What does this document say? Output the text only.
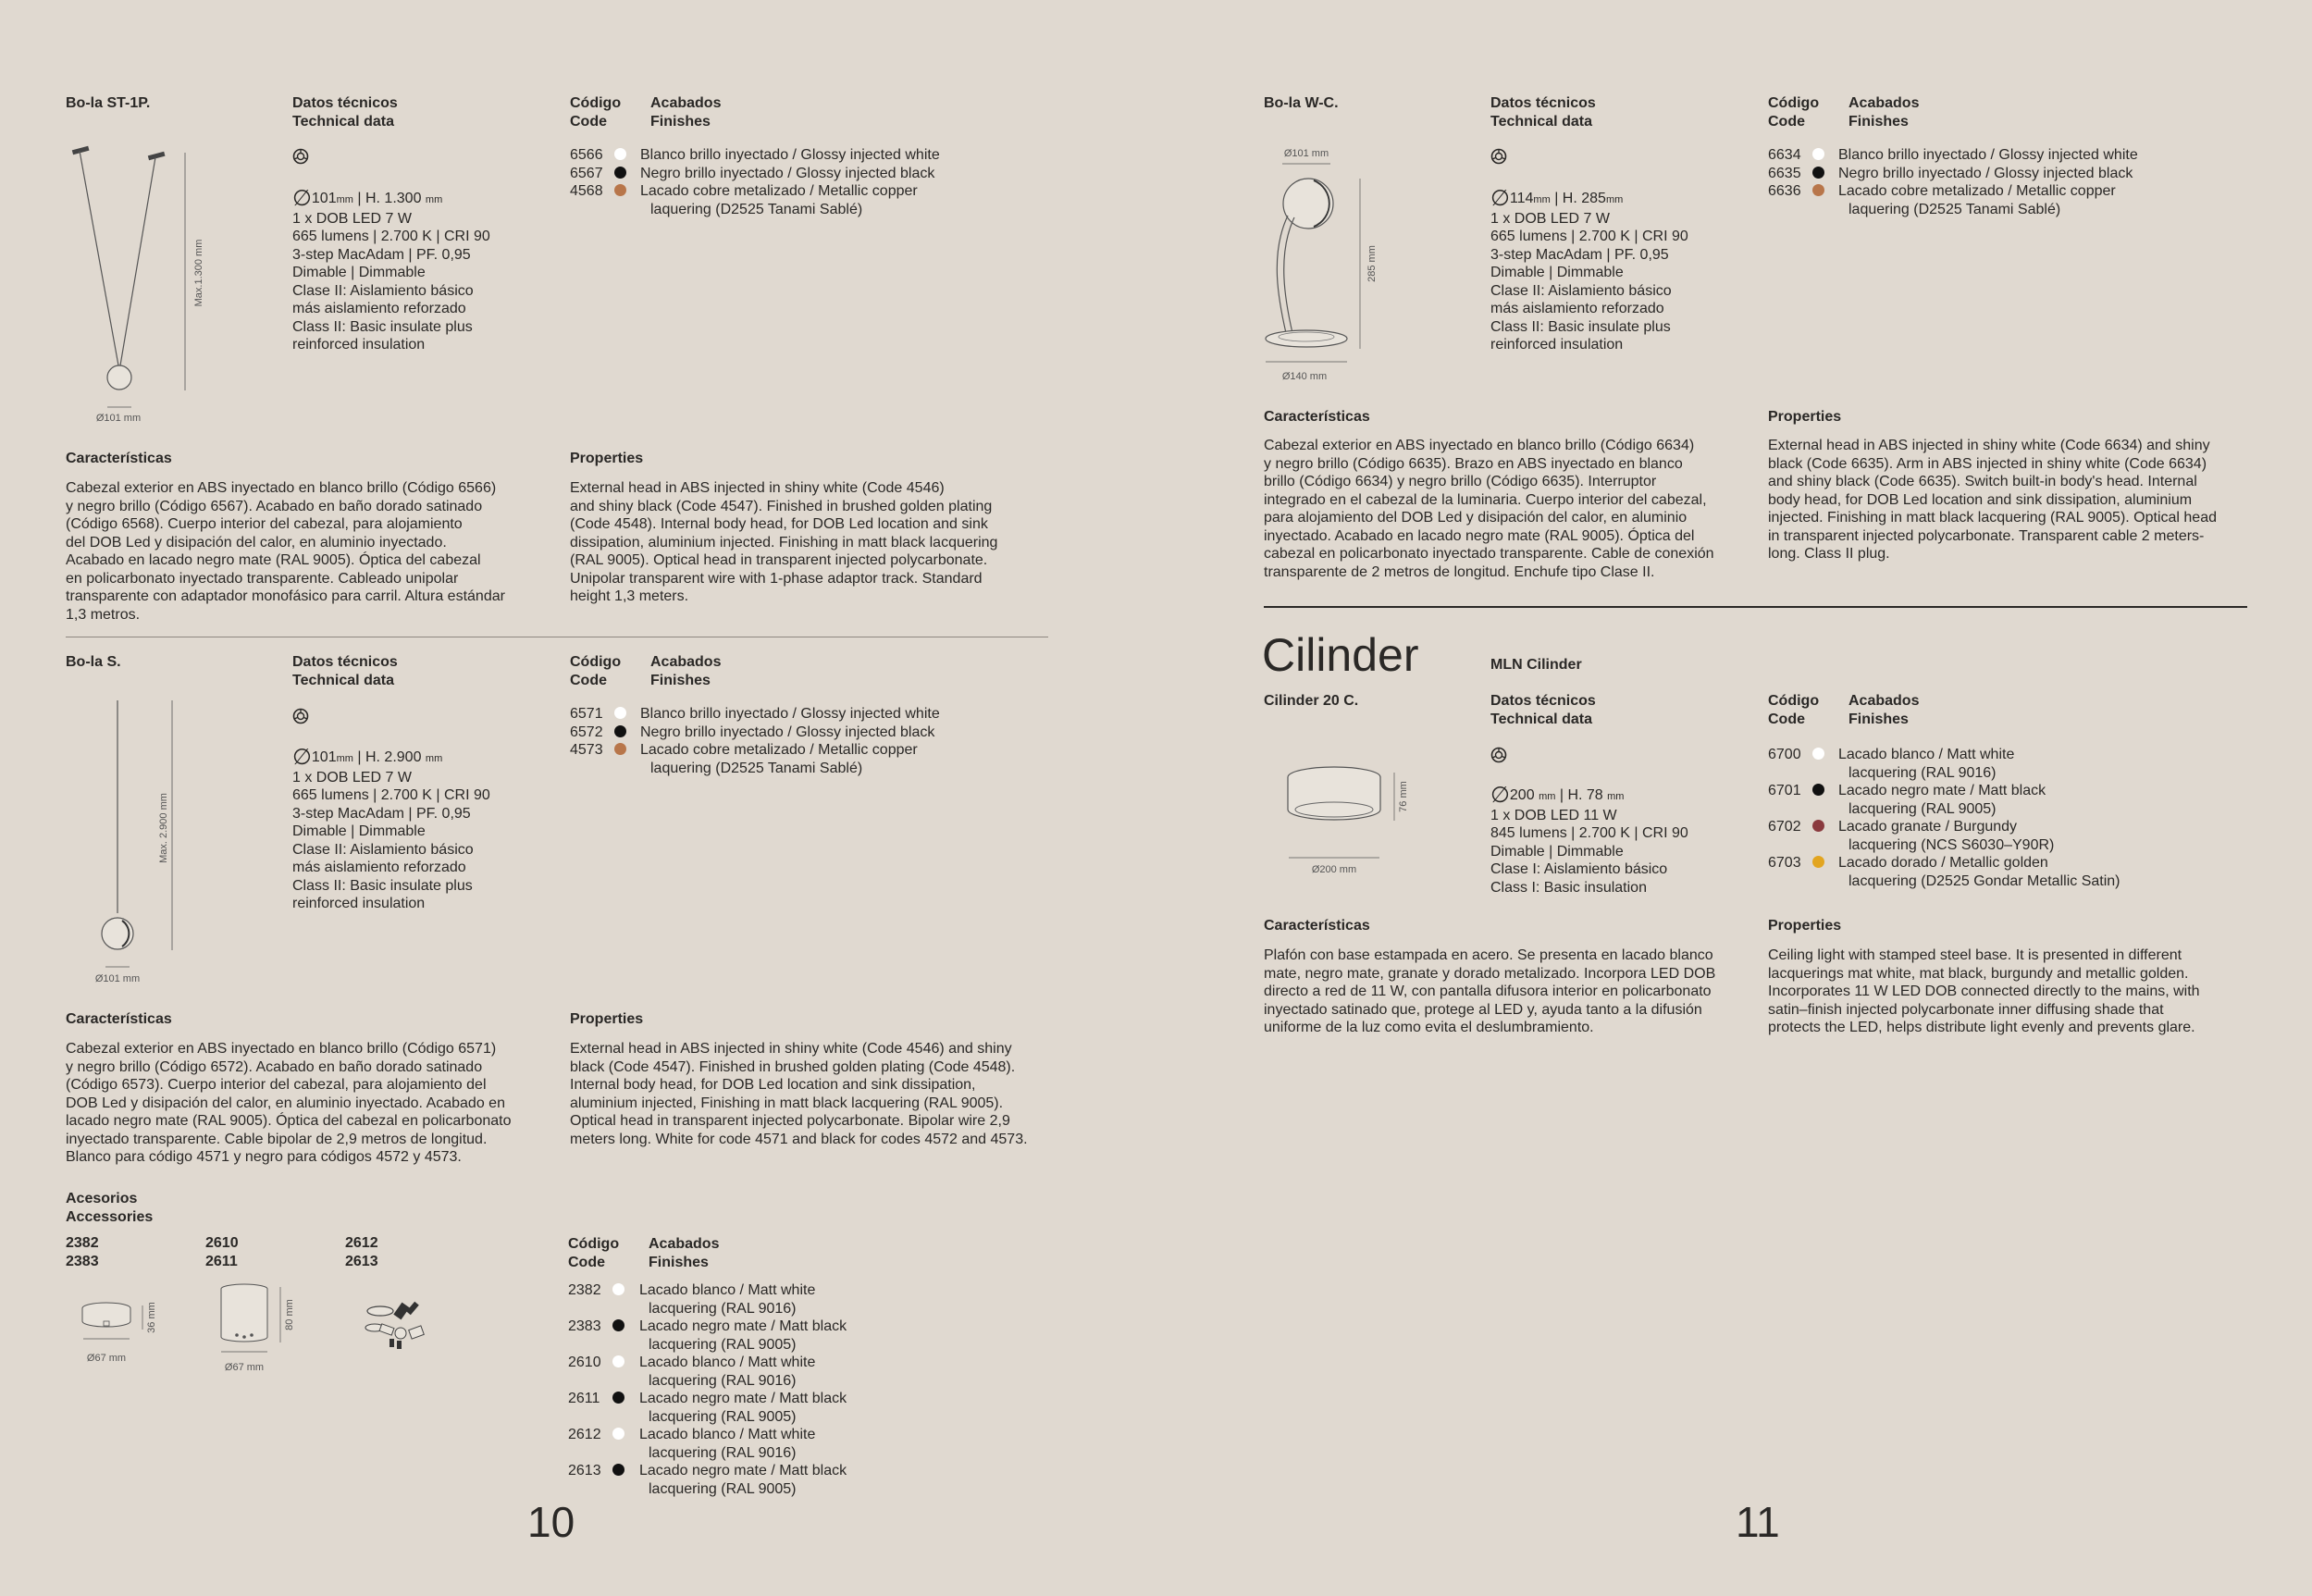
Bo-la ST-1P.	Datos técnicos
Technical data
Código
Code
Acabados
Finishes
∅101mm | H. 1.300 mm
1 x DOB LED 7 W
665 lumens | 2.700 K | CRI 90
3-step MacAdam | PF. 0,95
Dimable | Dimmable
Clase II: Aislamiento básico
más aislamiento reforzado
Class II: Basic insulate plus
reinforced insulation
6566	Blanco brillo inyectado / Glossy injected white
6567	Negro brillo inyectado / Glossy injected black
4568	Lacado cobre metalizado / Metallic copper
laquering (D2525 Tanami Sablé)
Max.1.300 mm
Ø101 mm
Características
Cabezal exterior en ABS inyectado en blanco brillo (Código 6566)
y negro brillo (Código 6567). Acabado en baño dorado satinado
(Código 6568). Cuerpo interior del cabezal, para alojamiento
del DOB Led y disipación del calor, en aluminio inyectado.
Acabado en lacado negro mate (RAL 9005). Óptica del cabezal
en policarbonato inyectado transparente. Cableado unipolar
transparente con adaptador monofásico para carril. Altura estándar
1,3 metros.
Properties
External head in ABS injected in shiny white (Code 4546)
and shiny black (Code 4547). Finished in brushed golden plating
(Code 4548). Internal body head, for DOB Led location and sink
dissipation, aluminium injected. Finishing in matt black lacquering
(RAL 9005). Optical head in transparent injected polycarbonate.
Unipolar transparent wire with 1-phase adaptor track. Standard
height 1,3 meters.
Bo-la S.	Datos técnicos
Technical data
Código
Code
Acabados
Finishes
∅101mm | H. 2.900 mm
1 x DOB LED 7 W
665 lumens | 2.700 K | CRI 90
3-step MacAdam | PF. 0,95
Dimable | Dimmable
Clase II: Aislamiento básico
más aislamiento reforzado
Class II: Basic insulate plus
reinforced insulation
6571	Blanco brillo inyectado / Glossy injected white
6572	Negro brillo inyectado / Glossy injected black
4573	Lacado cobre metalizado / Metallic copper
laquering (D2525 Tanami Sablé)
Max. 2.900 mm
Ø101 mm
Características
Cabezal exterior en ABS inyectado en blanco brillo (Código 6571)
y negro brillo (Código 6572). Acabado en baño dorado satinado
(Código 6573). Cuerpo interior del cabezal, para alojamiento del
DOB Led y disipación del calor, en aluminio inyectado. Acabado en
lacado negro mate (RAL 9005). Óptica del cabezal en policarbonato
inyectado transparente. Cable bipolar de 2,9 metros de longitud.
Blanco para código 4571 y negro para códigos 4572 y 4573.
Properties
External head in ABS injected in shiny white (Code 4546) and shiny
black (Code 4547). Finished in brushed golden plating (Code 4548).
Internal body head, for DOB Led location and sink dissipation,
aluminium injected, Finishing in matt black lacquering (RAL 9005).
Optical head in transparent injected polycarbonate. Bipolar wire 2,9
meters long. White for code 4571 and black for codes 4572 and 4573.
Acesorios
Accessories
2382
2383
2610
2611
2612
2613
36 mm
Ø67 mm
80 mm
Ø67 mm
Código
Code
Acabados
Finishes
2382	Lacado blanco / Matt white
lacquering (RAL 9016)
2383	Lacado negro mate / Matt black
lacquering (RAL 9005)
2610	Lacado blanco / Matt white
lacquering (RAL 9016)
2611	Lacado negro mate / Matt black
lacquering (RAL 9005)
2612	Lacado blanco / Matt white
lacquering (RAL 9016)
2613	Lacado negro mate / Matt black
lacquering (RAL 9005)
10
Bo-la W-C.	Datos técnicos
Technical data
Código
Code
Acabados
Finishes
∅114mm | H. 285mm
1 x DOB LED 7 W
665 lumens | 2.700 K | CRI 90
3-step MacAdam | PF. 0,95
Dimable | Dimmable
Clase II: Aislamiento básico
más aislamiento reforzado
Class II: Basic insulate plus
reinforced insulation
6634	Blanco brillo inyectado / Glossy injected white
6635	Negro brillo inyectado / Glossy injected black
6636	Lacado cobre metalizado / Metallic copper
laquering (D2525 Tanami Sablé)
Ø101 mm
285 mm
Ø140 mm
Características
Cabezal exterior en ABS inyectado en blanco brillo (Código 6634)
y negro brillo (Código 6635). Brazo en ABS inyectado en blanco
brillo (Código 6634) y negro brillo (Código 6635). Interruptor
integrado en el cabezal de la luminaria. Cuerpo interior del cabezal,
para alojamiento del DOB Led y disipación del calor, en aluminio
inyectado. Acabado en lacado negro mate (RAL 9005). Óptica del
cabezal en policarbonato inyectado transparente. Cable de conexión
transparente de 2 metros de longitud. Enchufe tipo Clase II.
Properties
External head in ABS injected in shiny white (Code 6634) and shiny
black (Code 6635). Arm in ABS injected in shiny white (Code 6634)
and shiny black (Code 6635). Switch built-in body's head. Internal
body head, for DOB Led location and sink dissipation, aluminium
injected. Finishing in matt black lacquering (RAL 9005). Optical head
in transparent injected polycarbonate. Transparent cable 2 meters-
long. Class II plug.
Cilinder	MLN Cilinder
Cilinder 20 C.	Datos técnicos
Technical data
Código
Code
Acabados
Finishes
∅200 mm | H. 78 mm
1 x DOB LED 11 W
845 lumens | 2.700 K | CRI 90
Dimable | Dimmable
Clase I: Aislamiento básico
Class I: Basic insulation
6700	Lacado blanco / Matt white
lacquering (RAL 9016)
6701	Lacado negro mate / Matt black
lacquering (RAL 9005)
6702	Lacado granate / Burgundy
lacquering (NCS S6030–Y90R)
6703	Lacado dorado / Metallic golden
lacquering (D2525 Gondar Metallic Satin)
76 mm
Ø200 mm
Características
Plafón con base estampada en acero. Se presenta en lacado blanco
mate, negro mate, granate y dorado metalizado. Incorpora LED DOB
directo a red de 11 W, con pantalla difusora interior en policarbonato
inyectado satinado que, protege al LED y, ayuda tanto a la difusión
uniforme de la luz como evita el deslumbramiento.
Properties
Ceiling light with stamped steel base. It is presented in different
lacquerings mat white, mat black, burgundy and metallic golden.
Incorporates 11 W LED DOB connected directly to the mains, with
satin–finish injected polycarbonate inner diffusing shade that
protects the LED, helps distribute light evenly and prevents glare.
11
